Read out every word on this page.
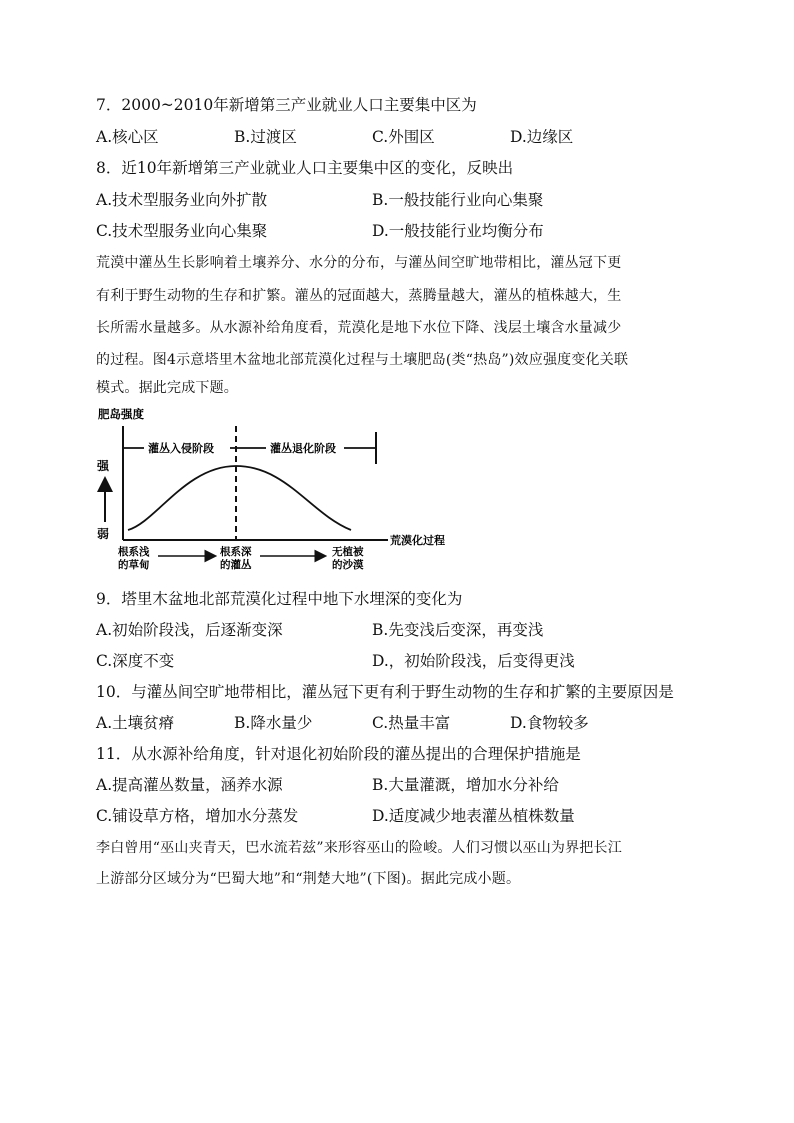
7．2000~2010年新增第三产业就业人口主要集中区为
A.核心区	B.过渡区	C.外围区	D.边缘区
8．近10年新增第三产业就业人口主要集中区的变化，反映出
A.技术型服务业向外扩散	B.一般技能行业向心集聚
C.技术型服务业向心集聚	D.一般技能行业均衡分布
荒漠中灌丛生长影响着土壤养分、水分的分布，与灌丛间空旷地带相比，灌丛冠下更
有利于野生动物的生存和扩繁。灌丛的冠面越大，蒸腾量越大，灌丛的植株越大，生
长所需水量越多。从水源补给角度看，荒漠化是地下水位下降、浅层土壤含水量减少
的过程。图4示意塔里木盆地北部荒漠化过程与土壤肥岛(类“热岛”)效应强度变化关联
模式。据此完成下题。
肥岛强度
荒漠化过程
灌丛入侵阶段	灌丛退化阶段
强
弱
根系浅
的草甸
根系深
的灌丛
无植被
的沙漠
9．塔里木盆地北部荒漠化过程中地下水埋深的变化为
A.初始阶段浅，后逐渐变深	B.先变浅后变深，再变浅
C.深度不变	D.，初始阶段浅，后变得更浅
10．与灌丛间空旷地带相比，灌丛冠下更有利于野生动物的生存和扩繁的主要原因是
A.土壤贫瘠	B.降水量少	C.热量丰富	D.食物较多
11．从水源补给角度，针对退化初始阶段的灌丛提出的合理保护措施是
A.提高灌丛数量，涵养水源	B.大量灌溉，增加水分补给
C.铺设草方格，增加水分蒸发	D.适度减少地表灌丛植株数量
李白曾用“巫山夹青天，巴水流若兹”来形容巫山的险峻。人们习惯以巫山为界把长江
上游部分区域分为“巴蜀大地”和“荆楚大地”(下图)。据此完成小题。
